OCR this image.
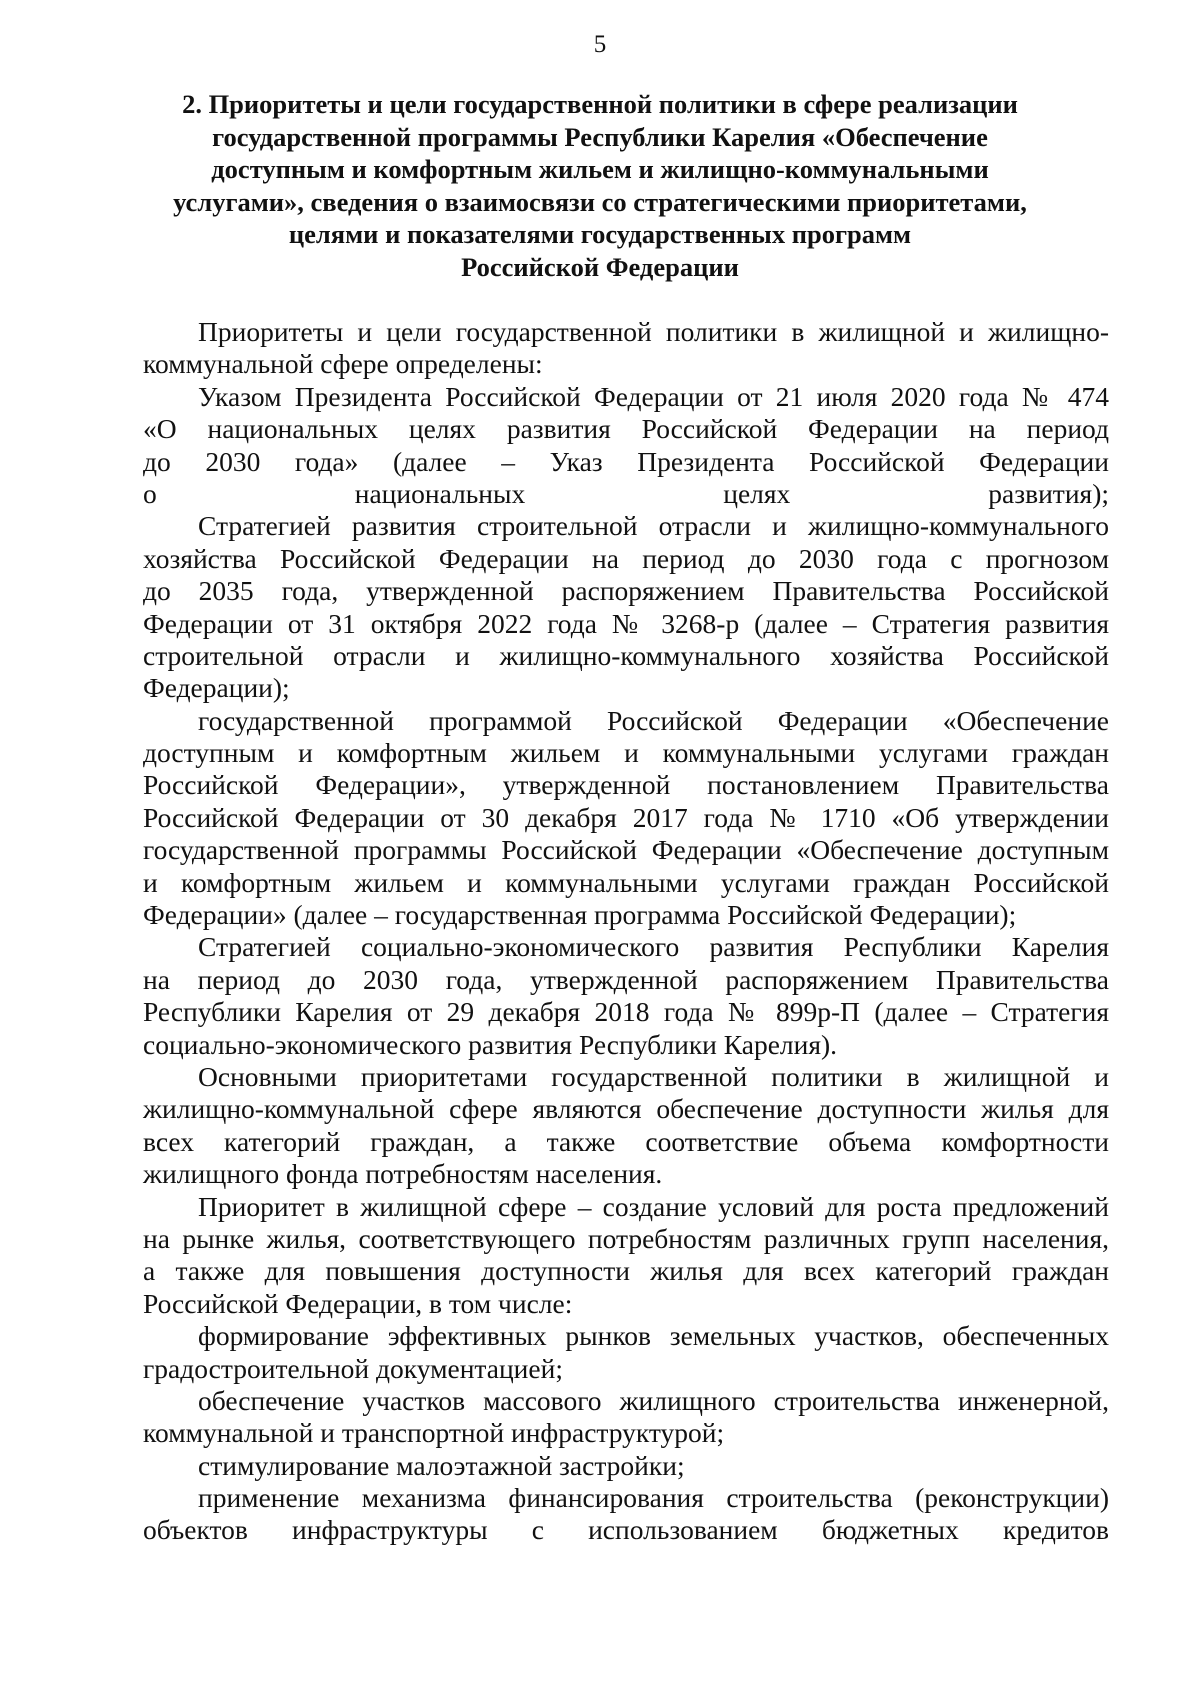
5
2. Приоритеты и цели государственной политики в сфере реализации
государственной программы Республики Карелия «Обеспечение
доступным и комфортным жильем и жилищно-коммунальными
услугами», сведения о взаимосвязи со стратегическими приоритетами,
целями и показателями государственных программ
Российской Федерации
Приоритеты и цели государственной политики в жилищной и жилищно-
коммунальной сфере определены:
Указом Президента Российской Федерации от 21 июля 2020 года № 474
«О национальных целях развития Российской Федерации на период
до 2030 года» (далее – Указ Президента Российской Федерации
о национальных целях развития);
Стратегией развития строительной отрасли и жилищно-коммунального
хозяйства Российской Федерации на период до 2030 года с прогнозом
до 2035 года, утвержденной распоряжением Правительства Российской
Федерации от 31 октября 2022 года № 3268-р (далее – Стратегия развития
строительной отрасли и жилищно-коммунального хозяйства Российской
Федерации);
государственной программой Российской Федерации «Обеспечение
доступным и комфортным жильем и коммунальными услугами граждан
Российской Федерации», утвержденной постановлением Правительства
Российской Федерации от 30 декабря 2017 года № 1710 «Об утверждении
государственной программы Российской Федерации «Обеспечение доступным
и комфортным жильем и коммунальными услугами граждан Российской
Федерации» (далее – государственная программа Российской Федерации);
Стратегией социально-экономического развития Республики Карелия
на период до 2030 года, утвержденной распоряжением Правительства
Республики Карелия от 29 декабря 2018 года № 899р-П (далее – Стратегия
социально-экономического развития Республики Карелия).
Основными приоритетами государственной политики в жилищной и
жилищно-коммунальной сфере являются обеспечение доступности жилья для
всех категорий граждан, а также соответствие объема комфортности
жилищного фонда потребностям населения.
Приоритет в жилищной сфере – создание условий для роста предложений
на рынке жилья, соответствующего потребностям различных групп населения,
а также для повышения доступности жилья для всех категорий граждан
Российской Федерации, в том числе:
формирование эффективных рынков земельных участков, обеспеченных
градостроительной документацией;
обеспечение участков массового жилищного строительства инженерной,
коммунальной и транспортной инфраструктурой;
стимулирование малоэтажной застройки;
применение механизма финансирования строительства (реконструкции)
объектов инфраструктуры с использованием бюджетных кредитов
